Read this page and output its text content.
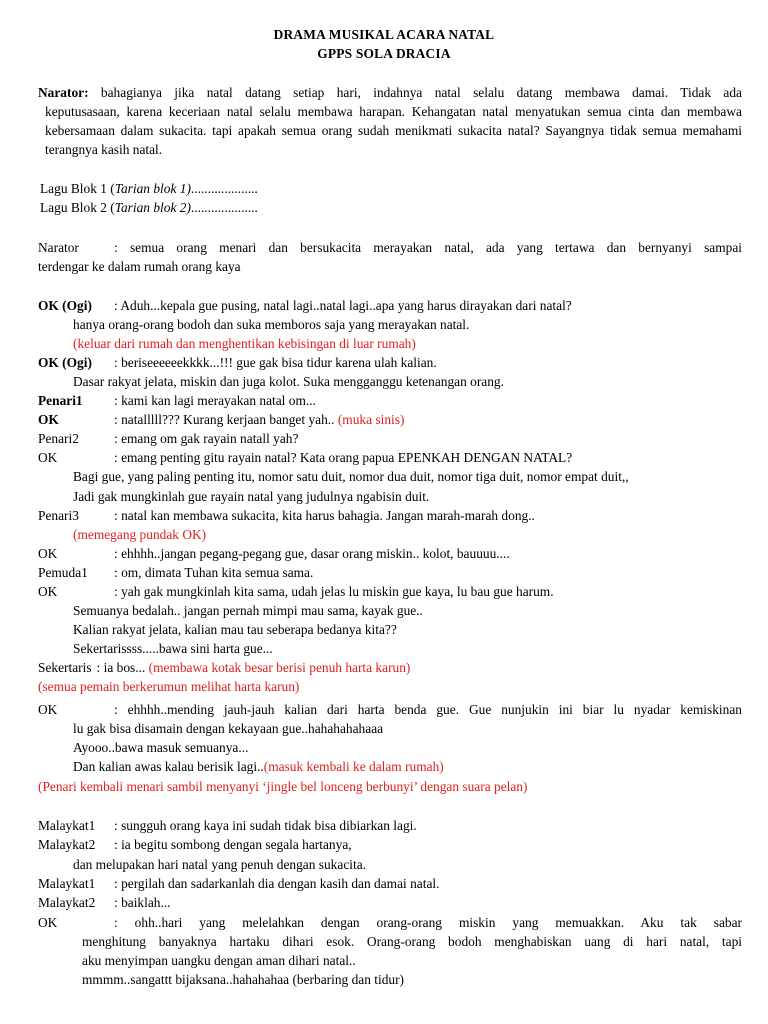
DRAMA MUSIKAL ACARA NATAL
GPPS SOLA DRACIA
Narator: bahagianya jika natal datang setiap hari, indahnya natal selalu datang membawa damai. Tidak ada
keputusasaan, karena keceriaan natal selalu membawa harapan. Kehangatan natal menyatukan semua cinta dan membawa kebersamaan dalam sukacita. tapi apakah semua orang sudah menikmati sukacita natal? Sayangnya tidak semua memahami terangnya kasih natal.
Lagu Blok 1 (Tarian blok 1)....................
Lagu Blok 2 (Tarian blok 2)....................
Narator	: semua orang menari dan bersukacita merayakan natal, ada yang tertawa dan bernyanyi sampai
terdengar ke dalam rumah orang kaya
OK (Ogi) : Aduh...kepala gue pusing, natal lagi..natal lagi..apa yang harus dirayakan dari natal?
hanya orang-orang bodoh dan suka memboros saja yang merayakan natal.
(keluar dari rumah dan menghentikan kebisingan di luar rumah)
OK (Ogi) : beriseeeeeekkkk...!!! gue gak bisa tidur karena ulah kalian.
Dasar rakyat jelata, miskin dan juga kolot. Suka mengganggu ketenangan orang.
Penari1 : kami kan lagi merayakan natal om...
OK	: natalllll??? Kurang kerjaan banget yah.. (muka sinis)
Penari2	: emang om gak rayain natall yah?
OK	: emang penting gitu rayain natal? Kata orang papua EPENKAH DENGAN NATAL?
Bagi gue, yang paling penting itu, nomor satu duit, nomor dua duit, nomor tiga duit, nomor empat duit,,
Jadi gak mungkinlah gue rayain natal yang judulnya ngabisin duit.
Penari3	: natal kan membawa sukacita, kita harus bahagia. Jangan marah-marah dong..
(memegang pundak OK)
OK	: ehhhh..jangan pegang-pegang gue, dasar orang miskin.. kolot, bauuuu....
Pemuda1 : om, dimata Tuhan kita semua sama.
OK	: yah gak mungkinlah kita sama, udah jelas lu miskin gue kaya, lu bau gue harum.
Semuanya bedalah.. jangan pernah mimpi mau sama, kayak gue..
Kalian rakyat jelata, kalian mau tau seberapa bedanya kita??
Sekertarissss.....bawa sini harta gue...
Sekertaris : ia bos... (membawa kotak besar berisi penuh harta karun)
(semua pemain berkerumun melihat harta karun)
OK	: ehhhh..mending jauh-jauh kalian dari harta benda gue. Gue nunjukin ini biar lu nyadar kemiskinan
lu gak bisa disamain dengan kekayaan gue..hahahahahaaa
Ayooo..bawa masuk semuanya...
Dan kalian awas kalau berisik lagi..(masuk kembali ke dalam rumah)
(Penari kembali menari sambil menyanyi ‘jingle bel lonceng berbunyi’ dengan suara pelan)
Malaykat1 : sungguh orang kaya ini sudah tidak bisa dibiarkan lagi.
Malaykat2 : ia begitu sombong dengan segala hartanya,
dan melupakan hari natal yang penuh dengan sukacita.
Malaykat1 : pergilah dan sadarkanlah dia dengan kasih dan damai natal.
Malaykat2 : baiklah...
OK	: ohh..hari yang melelahkan dengan orang-orang miskin yang memuakkan. Aku tak sabar
menghitung banyaknya hartaku dihari esok. Orang-orang bodoh menghabiskan uang di hari natal, tapi
aku menyimpan uangku dengan aman dihari natal..
mmmm..sangattt bijaksana..hahahahaa (berbaring dan tidur)
